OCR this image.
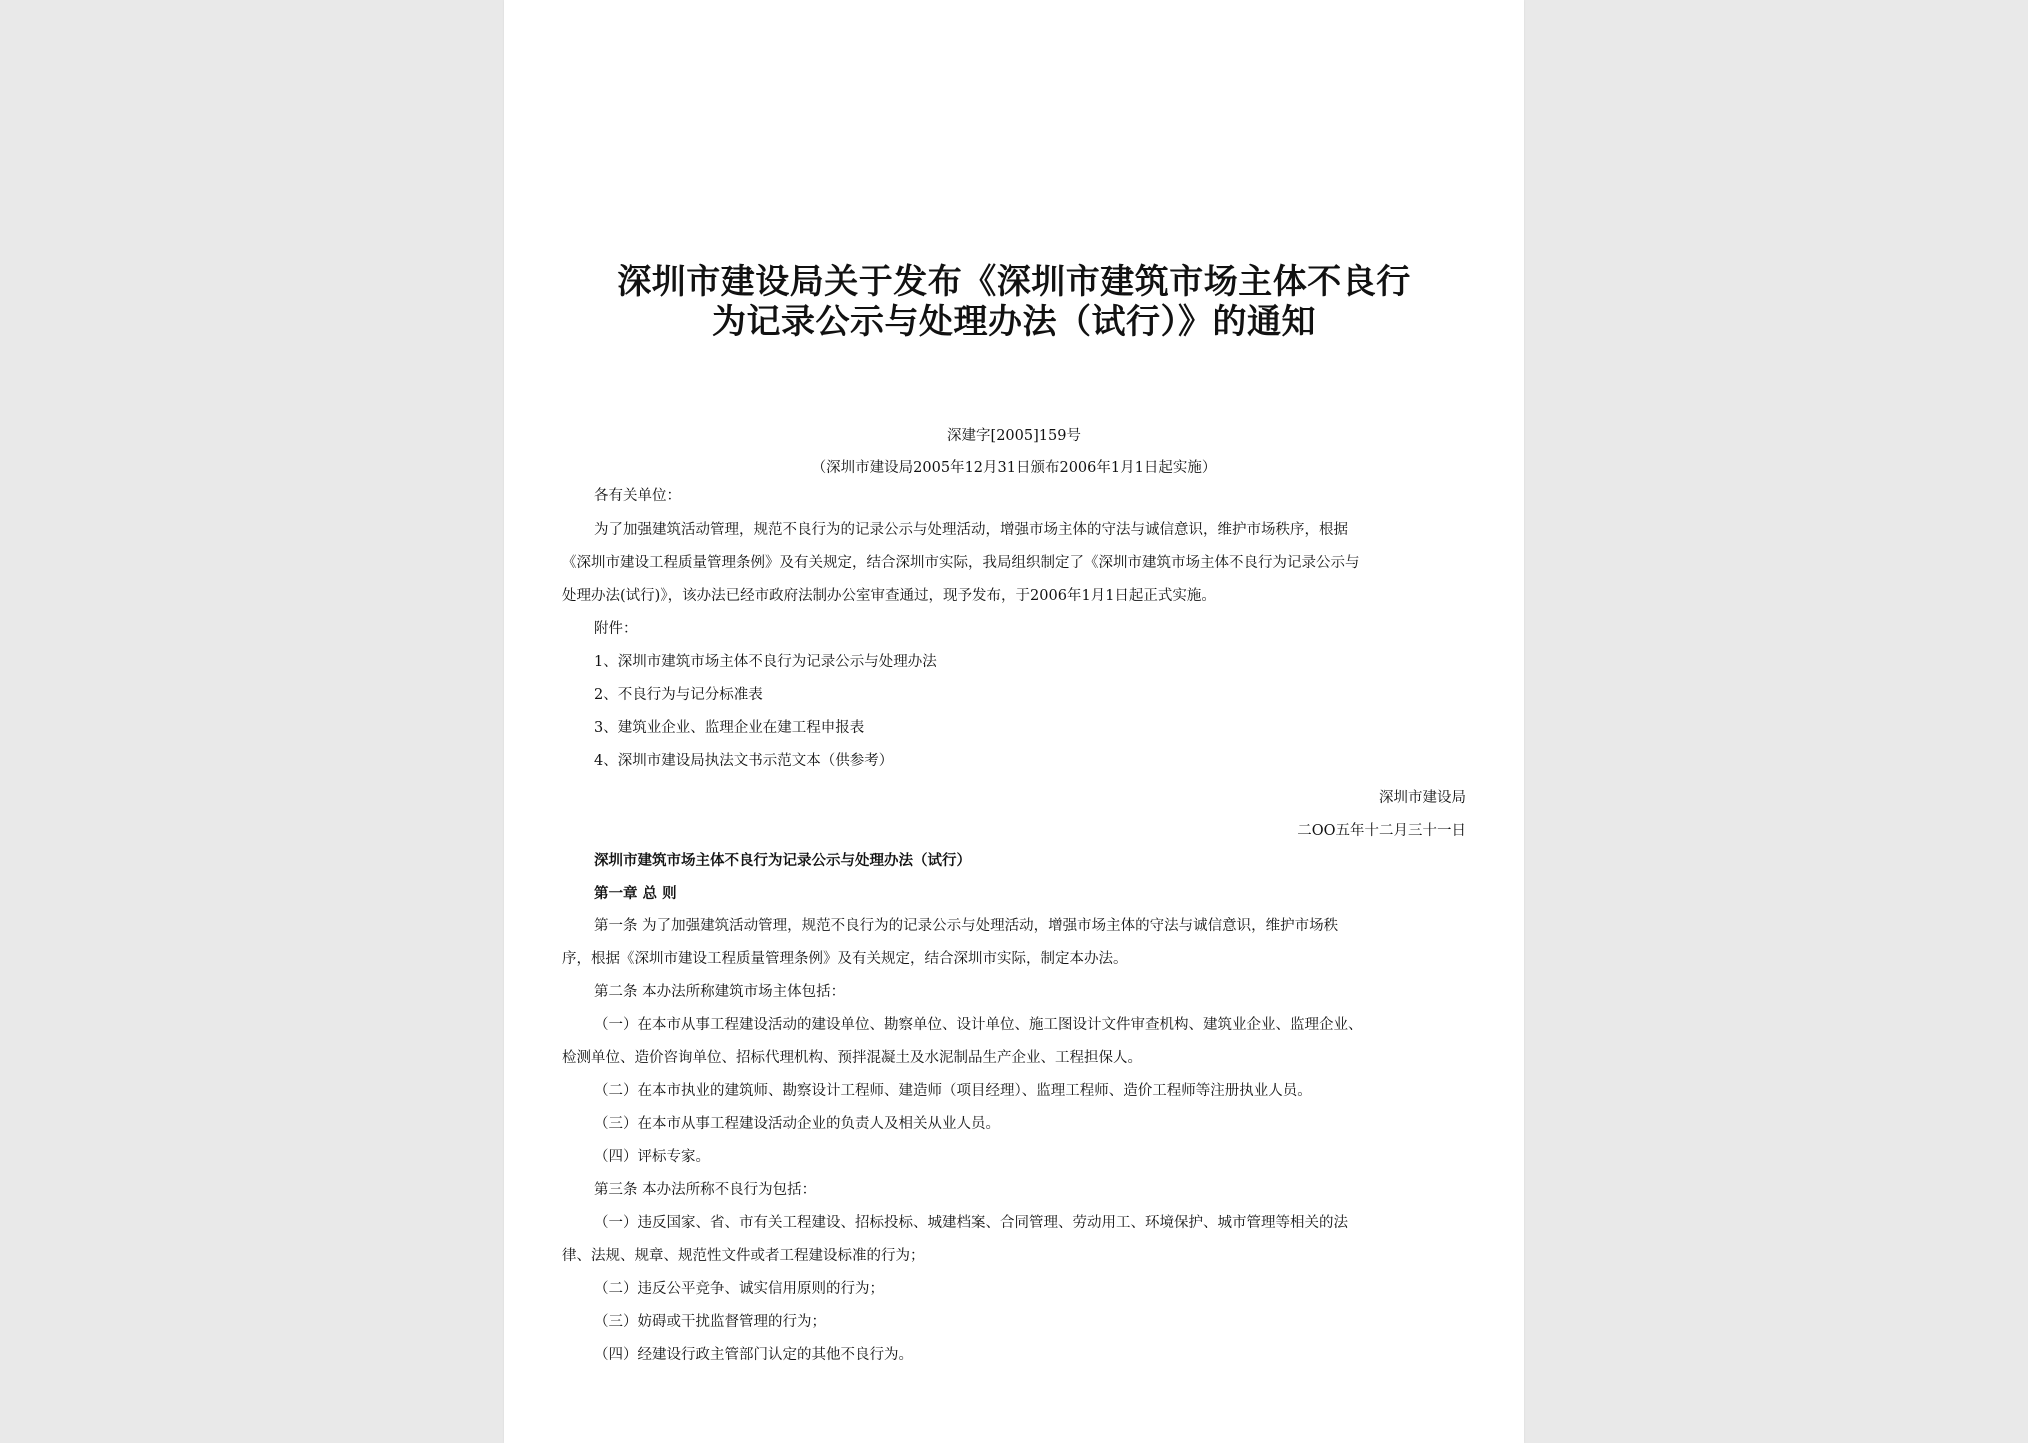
深圳市建设局关于发布《深圳市建筑市场主体不良行
为记录公示与处理办法（试行）》的通知
深建字[2005]159号
（深圳市建设局2005年12月31日颁布2006年1月1日起实施）
各有关单位：
为了加强建筑活动管理，规范不良行为的记录公示与处理活动，增强市场主体的守法与诚信意识，维护市场秩序，根据
《深圳市建设工程质量管理条例》及有关规定，结合深圳市实际，我局组织制定了《深圳市建筑市场主体不良行为记录公示与
处理办法(试行)》，该办法已经市政府法制办公室审查通过，现予发布，于2006年1月1日起正式实施。
附件：
1、深圳市建筑市场主体不良行为记录公示与处理办法
2、不良行为与记分标准表
3、建筑业企业、监理企业在建工程申报表
4、深圳市建设局执法文书示范文本（供参考）
深圳市建设局
二OO五年十二月三十一日
深圳市建筑市场主体不良行为记录公示与处理办法（试行）
第一章 总 则
第一条 为了加强建筑活动管理，规范不良行为的记录公示与处理活动，增强市场主体的守法与诚信意识，维护市场秩
序，根据《深圳市建设工程质量管理条例》及有关规定，结合深圳市实际，制定本办法。
第二条 本办法所称建筑市场主体包括：
（一）在本市从事工程建设活动的建设单位、勘察单位、设计单位、施工图设计文件审查机构、建筑业企业、监理企业、
检测单位、造价咨询单位、招标代理机构、预拌混凝土及水泥制品生产企业、工程担保人。
（二）在本市执业的建筑师、勘察设计工程师、建造师（项目经理）、监理工程师、造价工程师等注册执业人员。
（三）在本市从事工程建设活动企业的负责人及相关从业人员。
（四）评标专家。
第三条 本办法所称不良行为包括：
（一）违反国家、省、市有关工程建设、招标投标、城建档案、合同管理、劳动用工、环境保护、城市管理等相关的法
律、法规、规章、规范性文件或者工程建设标准的行为；
（二）违反公平竞争、诚实信用原则的行为；
（三）妨碍或干扰监督管理的行为；
（四）经建设行政主管部门认定的其他不良行为。
